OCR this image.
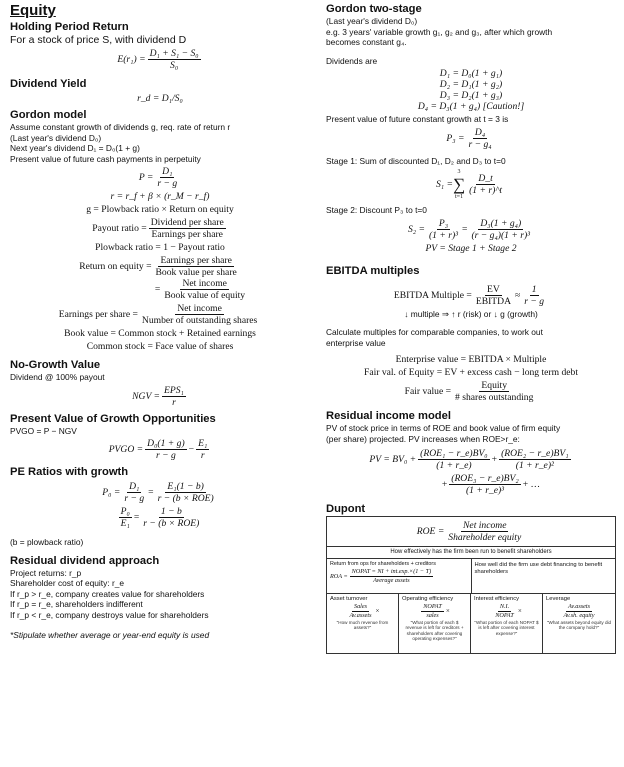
Equity
Holding Period Return
For a stock of price S, with dividend D
$E(r_1) = \frac{\text{D₁ + S₁ − S₀}}{\text{S₀}}$
Dividend Yield
r_d = D₁/S₀
Gordon model
Assume constant growth of dividends g, req. rate of return r
(Last year's dividend D₀)
Next year's dividend D₁ = D₀(1 + g)
Present value of future cash payments in perpetuity
$P = \frac{\text{D₁}}{r - g}$
r = r_f + β × (r_M − r_f)
g = Plowback ratio × Return on equity
Payout ratio = $\frac{\text{Dividend per share}}{\text{Earnings per share}}$
Plowback ratio = 1 − Payout ratio
Return on equity = $\frac{\text{Earnings per share}}{\text{Book value per share}}$
= $\frac{\text{Net income}}{\text{Book value of equity}}$
Earnings per share = $\frac{\text{Net income}}{\text{Number of outstanding shares}}$
Book value = Common stock + Retained earnings
Common stock = Face value of shares
No-Growth Value
Dividend @ 100% payout
NGV = $\frac{\text{EPS₁}}{r}$
Present Value of Growth Opportunities
PVGO = P − NGV
PVGO = $\frac{\text{D₀(1 + g)}}{r - g} - \frac{\text{E₁}}{r}$
PE Ratios with growth
$P_0 = \frac{\text{D₁}}{r - g} = \frac{\text{E₁(1 − b)}}{\text{r − (b × ROE)}}$
$\frac{\text{P₀}}{\text{E₁}} = \frac{1 - b}{\text{r − (b × ROE)}}$
(b = plowback ratio)
Residual dividend approach
Project returns: r_p
Shareholder cost of equity: r_e
If r_p > r_e, company creates value for shareholders
If r_p = r_e, shareholders indifferent
If r_p < r_e, company destroys value for shareholders
*Stipulate whether average or year-end equity is used
Gordon two-stage
(Last year's dividend D₀)
e.g. 3 years' variable growth g₁, g₂ and g₃, after which growth
becomes constant g₄.
Dividends are
D₁ = D₀(1 + g₁)
D₂ = D₁(1 + g₂)
D₃ = D₂(1 + g₃)
D₄ = D₃(1 + g₄) [Caution!]
Present value of future constant growth at t = 3 is
$P_3 = \frac{\text{D₄}}{\text{r − g₄}}$
Stage 1: Sum of discounted D₁, D₂ and D₃ to t=0
S₁ =
3
∑
t=1
$\frac{D\_t}{(1 + r)\^{}t}$
Stage 2: Discount P₃ to t=0
$S_2 = \frac{\text{P₃}}{\text{(1 + r)³}} = \frac{\text{D₃(1 + g₄)}}{\text{(r − g₄)(1 + r)³}}$
PV = Stage 1 + Stage 2
EBITDA multiples
EBITDA Multiple = $\frac{EV}{\text{EBITDA}} \approx \frac{1}{r - g}$
↓ multiple ⇒ ↑ r (risk) or ↓ g (growth)
Calculate multiples for comparable companies, to work out
enterprise value
Enterprise value = EBITDA × Multiple
Fair val. of Equity = EV + excess cash − long term debt
Fair value = $\frac{\text{Equity}}{\text{\# shares outstanding}}$
Residual income model
PV of stock price in terms of ROE and book value of firm equity
(per share) projected. PV increases when ROE>r_e:
PV = $BV_0 + \frac{\text{(ROE₁ − r\_e)BV₀}}{(1 + r\_e)} + \frac{\text{(ROE₂ − r\_e)BV₁}}{\text{(1 + r\_e)²}}$
+ $\frac{\text{(ROE₃ − r\_e)BV₂}}{\text{(1 + r\_e)³}}$ + …
Dupont
ROE = $\frac{\text{Net income}}{\text{Shareholder equity}}$
How effectively has the firm been run to benefit shareholders
Return from ops for shareholders + creditors
ROA = $\frac{\text{NOPAT = NI + int.exp.×(1 − T)}}{\text{Average assets}}$
How well did the firm use debt financing to benefit shareholders
Asset turnover
$\frac{\text{Sales}}{\text{Av.assets}}$ ×
"How much revenue from assets?"
Operating efficiency
$\frac{\text{NOPAT}}{\text{sales}}$ ×
"What portion of each $ revenue is left for creditors + shareholders after covering operating expenses?"
Interest efficiency
$\frac{N.I.}{\text{NOPAT}}$ ×
"What portion of each NOPAT $ is left after covering interest expense?"
Leverage
$\frac{\text{Av.assets}}{\text{Av.sh. equity}}$
"What assets beyond equity did the company hold?"
